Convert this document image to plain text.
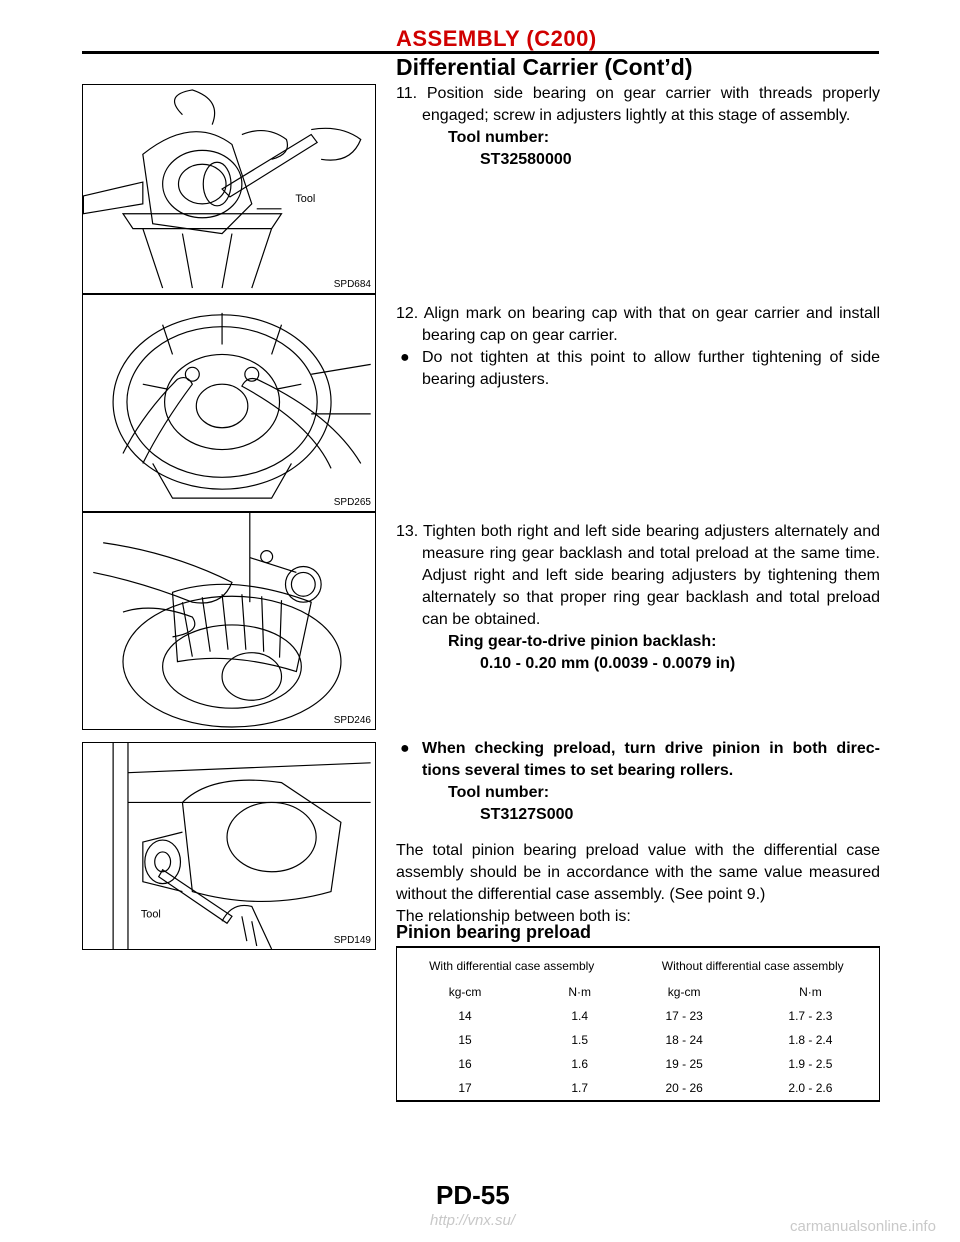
ASSEMBLY (C200)
Differential Carrier (Cont’d)
Tool
SPD684
SPD265
SPD246
Tool
SPD149
11. Position side bearing on gear carrier with threads properly engaged; screw in adjusters lightly at this stage of assembly.
Tool number:
ST32580000
12. Align mark on bearing cap with that on gear carrier and install bearing cap on gear carrier.
● Do not tighten at this point to allow further tightening of side bearing adjusters.
13. Tighten both right and left side bearing adjusters alternately and measure ring gear backlash and total preload at the same time. Adjust right and left side bearing adjusters by tightening them alternately so that proper ring gear backlash and total preload can be obtained.
Ring gear-to-drive pinion backlash:
0.10 - 0.20 mm (0.0039 - 0.0079 in)
● When checking preload, turn drive pinion in both direc- tions several times to set bearing rollers.
Tool number:
ST3127S000
The total pinion bearing preload value with the differential case assembly should be in accordance with the same value measured without the differential case assembly. (See point 9.)
The relationship between both is:
Pinion bearing preload
With differential case assembly		Without differential case assembly	
kg-cm	N·m	kg-cm	N·m
14	1.4	17 - 23	1.7 - 2.3
15	1.5	18 - 24	1.8 - 2.4
16	1.6	19 - 25	1.9 - 2.5
17	1.7	20 - 26	2.0 - 2.6
PD-55
http://vnx.su/	carmanualsonline.info
